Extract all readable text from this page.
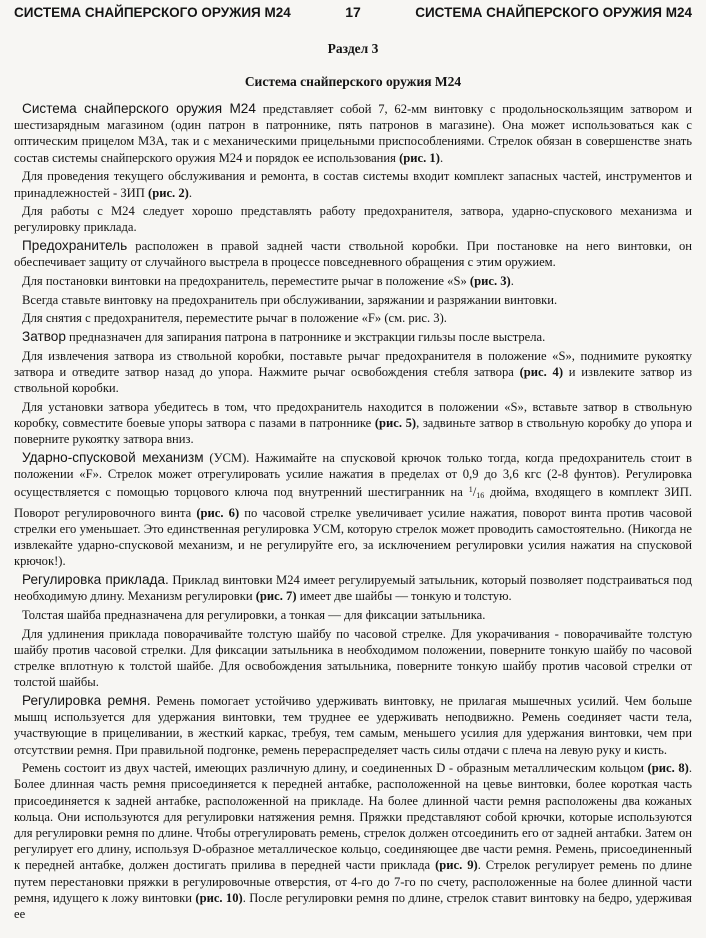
СИСТЕМА СНАЙПЕРСКОГО ОРУЖИЯ М24	17	СИСТЕМА СНАЙПЕРСКОГО ОРУЖИЯ М24
Раздел 3
Система снайперского оружия М24

Система снайперского оружия М24 представляет собой 7, 62-мм винтовку с продольноскользящим затвором и шестизарядным магазином (один патрон в патроннике, пять патронов в магазине). Она может использоваться как с оптическим прицелом М3А, так и с механическими прицельными приспособлениями. Стрелок обязан в совершенстве знать состав системы снайперского оружия М24 и порядок ее использования (рис. 1).

Для проведения текущего обслуживания и ремонта, в состав системы входит комплект запасных частей, инструментов и принадлежностей - ЗИП (рис. 2).

Для работы с М24 следует хорошо представлять работу предохранителя, затвора, ударно-спускового механизма и регулировку приклада.

Предохранитель расположен в правой задней части ствольной коробки. При постановке на него винтовки, он обеспечивает защиту от случайного выстрела в процессе повседневного обращения с этим оружием.

Для постановки винтовки на предохранитель, переместите рычаг в положение «S» (рис. 3).

Всегда ставьте винтовку на предохранитель при обслуживании, заряжании и разряжании винтовки.

Для снятия с предохранителя, переместите рычаг в положение «F» (см. рис. 3).

Затвор предназначен для запирания патрона в патроннике и экстракции гильзы после выстрела.

Для извлечения затвора из ствольной коробки, поставьте рычаг предохранителя в положение «S», поднимите рукоятку затвора и отведите затвор назад до упора. Нажмите рычаг освобождения стебля затвора (рис. 4) и извлеките затвор из ствольной коробки.

Для установки затвора убедитесь в том, что предохранитель находится в положении «S», вставьте затвор в ствольную коробку, совместите боевые упоры затвора с пазами в патроннике (рис. 5), задвиньте затвор в ствольную коробку до упора и поверните рукоятку затвора вниз.

Ударно-спусковой механизм (УСМ). Нажимайте на спусковой крючок только тогда, когда предохранитель стоит в положении «F». Стрелок может отрегулировать усилие нажатия в пределах от 0,9 до 3,6 кгс (2-8 фунтов). Регулировка осуществляется с помощью торцового ключа под внутренний шестигранник на $^1/_{16}$ дюйма, входящего в комплект ЗИП. Поворот регулировочного винта (рис. 6) по часовой стрелке увеличивает усилие нажатия, поворот винта против часовой стрелки его уменьшает. Это единственная регулировка УСМ, которую стрелок может проводить самостоятельно. (Никогда не извлекайте ударно-спусковой механизм, и не регулируйте его, за исключением регулировки усилия нажатия на спусковой крючок!).

Регулировка приклада. Приклад винтовки М24 имеет регулируемый затыльник, который позволяет подстраиваться под необходимую длину. Механизм регулировки (рис. 7) имеет две шайбы — тонкую и толстую.

Толстая шайба предназначена для регулировки, а тонкая — для фиксации затыльника.

Для удлинения приклада поворачивайте толстую шайбу по часовой стрелке. Для укорачивания - поворачивайте толстую шайбу против часовой стрелки. Для фиксации затыльника в необходимом положении, поверните тонкую шайбу по часовой стрелке вплотную к толстой шайбе. Для освобождения затыльника, поверните тонкую шайбу против часовой стрелки от толстой шайбы.

Регулировка ремня. Ремень помогает устойчиво удерживать винтовку, не прилагая мышечных усилий. Чем больше мышц используется для удержания винтовки, тем труднее ее удерживать неподвижно. Ремень соединяет части тела, участвующие в прицеливании, в жесткий каркас, требуя, тем самым, меньшего усилия для удержания винтовки, чем при отсутствии ремня. При правильной подгонке, ремень перераспределяет часть силы отдачи с плеча на левую руку и кисть.

Ремень состоит из двух частей, имеющих различную длину, и соединенных D - образным металлическим кольцом (рис. 8). Более длинная часть ремня присоединяется к передней антабке, расположенной на цевье винтовки, более короткая часть присоединяется к задней антабке, расположенной на прикладе. На более длинной части ремня расположены два кожаных кольца. Они используются для регулировки натяжения ремня. Пряжки представляют собой крючки, которые используются для регулировки ремня по длине. Чтобы отрегулировать ремень, стрелок должен отсоединить его от задней антабки. Затем он регулирует его длину, используя D-образное металлическое кольцо, соединяющее две части ремня. Ремень, присоединенный к передней антабке, должен достигать прилива в передней части приклада (рис. 9). Стрелок регулирует ремень по длине путем перестановки пряжки в регулировочные отверстия, от 4-го до 7-го по счету, расположенные на более длинной части ремня, идущего к ложу винтовки (рис. 10). После регулировки ремня по длине, стрелок ставит винтовку на бедро, удерживая ее
